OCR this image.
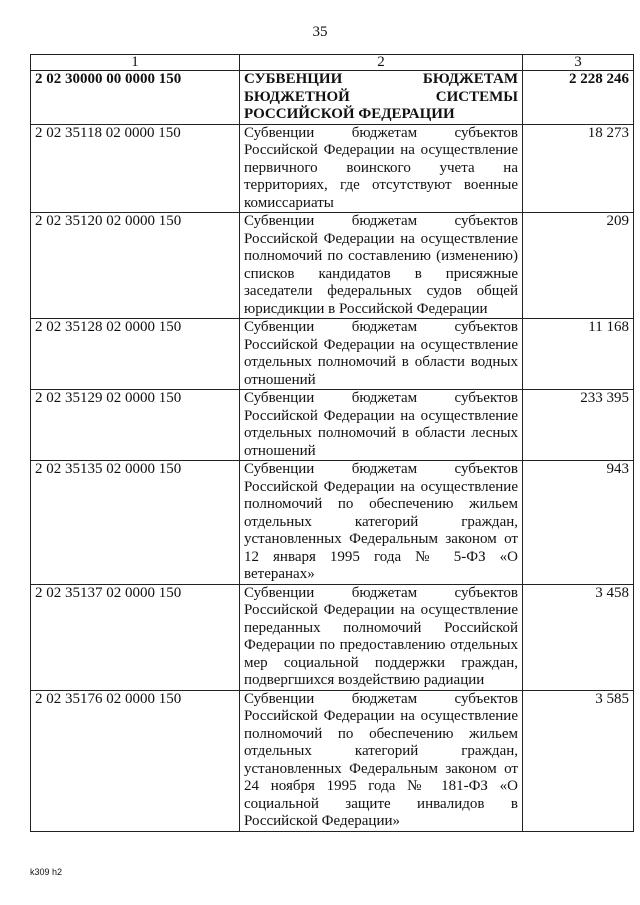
35
1	2	3
2 02 30000 00 0000 150	СУБВЕНЦИИ БЮДЖЕТАМ БЮДЖЕТНОЙ СИСТЕМЫ РОССИЙСКОЙ ФЕДЕРАЦИИ	2 228 246
2 02 35118 02 0000 150	Субвенции бюджетам субъектов Российской Федерации на осуществление первичного воинского учета на территориях, где отсутствуют военные комиссариаты	18 273
2 02 35120 02 0000 150	Субвенции бюджетам субъектов Российской Федерации на осуществление полномочий по составлению (изменению) списков кандидатов в присяжные заседатели федеральных судов общей юрисдикции в Российской Федерации	209
2 02 35128 02 0000 150	Субвенции бюджетам субъектов Российской Федерации на осуществление отдельных полномочий в области водных отношений	11 168
2 02 35129 02 0000 150	Субвенции бюджетам субъектов Российской Федерации на осуществление отдельных полномочий в области лесных отношений	233 395
2 02 35135 02 0000 150	Субвенции бюджетам субъектов Российской Федерации на осуществление полномочий по обеспечению жильем отдельных категорий граждан, установленных Федеральным законом от 12 января 1995 года № 5-ФЗ «О ветеранах»	943
2 02 35137 02 0000 150	Субвенции бюджетам субъектов Российской Федерации на осуществление переданных полномочий Российской Федерации по предоставлению отдельных мер социальной поддержки граждан, подвергшихся воздействию радиации	3 458
2 02 35176 02 0000 150	Субвенции бюджетам субъектов Российской Федерации на осуществление полномочий по обеспечению жильем отдельных категорий граждан, установленных Федеральным законом от 24 ноября 1995 года № 181-ФЗ «О социальной защите инвалидов в Российской Федерации»	3 585
k309 h2
